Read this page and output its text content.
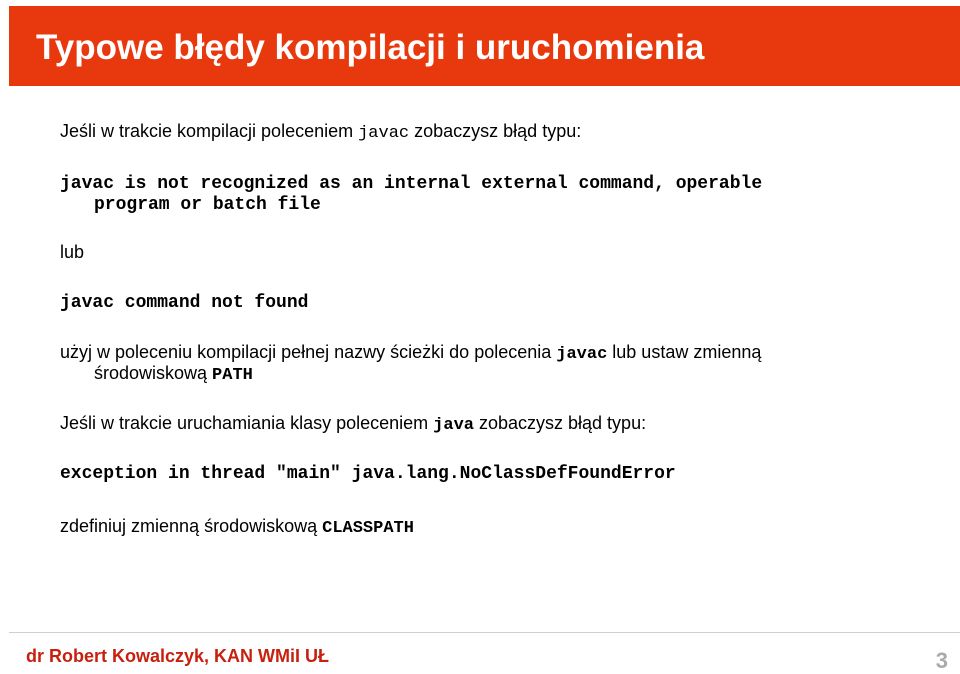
Typowe błędy kompilacji i uruchomienia
Jeśli w trakcie kompilacji poleceniem javac zobaczysz błąd typu:
javac is not recognized as an internal external command, operable
program or batch file
lub
javac command not found
użyj w poleceniu kompilacji pełnej nazwy ścieżki do polecenia javac lub ustaw zmienną
środowiskową PATH
Jeśli w trakcie uruchamiania klasy poleceniem java zobaczysz błąd typu:
exception in thread "main" java.lang.NoClassDefFoundError
zdefiniuj zmienną środowiskową CLASSPATH
dr Robert Kowalczyk, KAN WMiI UŁ	3
